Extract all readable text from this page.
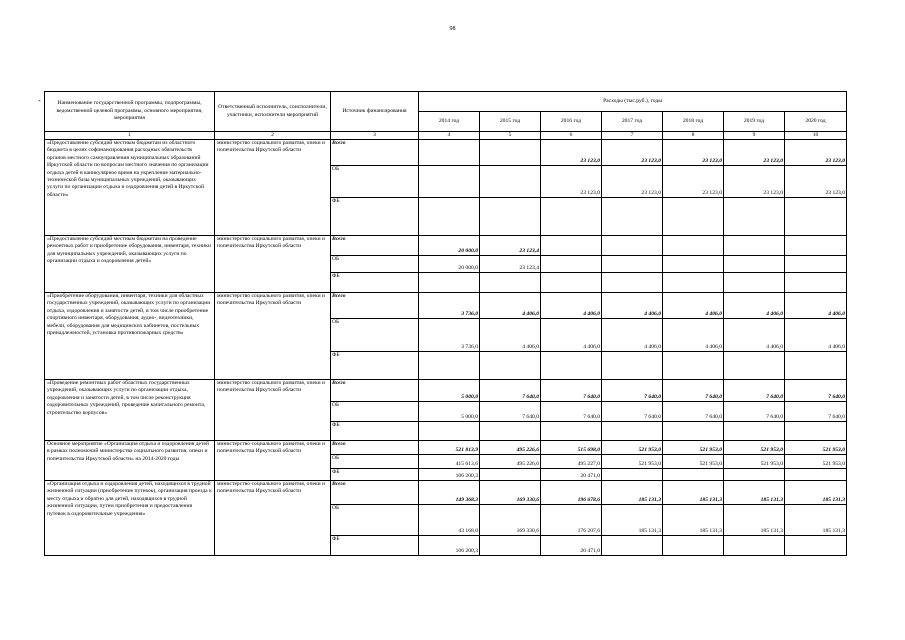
98
-	Наименование государственной программы, подпрограммы, ведомственной целевой программы, основного мероприятия, мероприятия	Ответственный исполнитель, соисполнители, участники, исполнители мероприятий	Источник финансирования	Расходы (тыс.руб.), годы						
			2014 год	2015 год	2016 год	2017 год	2018 год	2019 год	2020 год
1	2	3	4	5	6	7	8	9	10
«Предоставление субсидий местным бюджетам из областного бюджета в целях софинансирования расходных обязательств органов местного самоуправления муниципальных образований Иркутской области по вопросам местного значения по организации отдыха детей в каникулярное время на укрепление материально-технической базы муниципальных учреждений, оказывающих услуги по организации отдыха и оздоровления детей в Иркутской области»	министерство социального развития, опеки и попечительства Иркутской области	Всего			23 123,0	23 123,0	23 123,0	23 123,0	23 123,0
		ОБ			23 123,0	23 123,0	23 123,0	23 123,0	23 123,0
		ФБ							
«Предоставление субсидий местным бюджетам на проведение ремонтных работ и приобретение оборудования, инвентаря, техники для муниципальных учреждений, оказывающих услуги по организации отдыха и оздоровления детей»	министерство социального развития, опеки и попечительства Иркутской области	Всего	20 000,0	23 123,4					
		ОБ	20 000,0	23 123,4					
		ФБ							
«Приобретение оборудования, инвентаря, техники для областных государственных учреждений, оказывающих услуги по организации отдыха, оздоровления и занятости детей, в том числе приобретение спортивного инвентаря, оборудования, аудио-, видеотехники, мебели, оборудования для медицинских кабинетов, постельных принадлежностей, установка противопожарных средств»	министерство социального развития, опеки и попечительства Иркутской области	Всего	3 736,0	4 406,0	4 406,0	4 406,0	4 406,0	4 406,0	4 406,0
		ОБ	3 736,0	4 406,0	4 406,0	4 406,0	4 406,0	4 406,0	4 406,0
		ФБ							
«Проведение ремонтных работ областных государственных учреждений, оказывающих услуги по организации отдыха, оздоровления и занятости детей, в том числе реконструкция оздоровительных учреждений, проведение капитального ремонта, строительство корпусов»	министерство социального развития, опеки и попечительства Иркутской области	Всего	5 000,0	7 640,0	7 640,0	7 640,0	7 640,0	7 640,0	7 640,0
		ОБ	5 000,0	7 640,0	7 640,0	7 640,0	7 640,0	7 640,0	7 640,0
		ФБ							
Основное мероприятие «Организация отдыха и оздоровления детей в рамках полномочий министерства социального развития, опеки и попечительства Иркутской области» на 2014-2020 годы	министерство социального развития, опеки и попечительства Иркутской области	Всего	521 813,9	495 226,6	515 698,0	521 953,0	521 953,0	521 953,0	521 953,0
		ОБ	415 613,6	495 226,6	495 227,0	521 953,0	521 953,0	521 953,0	521 953,0
		ФБ	106 200,3		20 471,0				
«Организация отдыха и оздоровления детей, находящихся в трудной жизненной ситуации (приобретение путевок), организация проезда к месту отдыха и обратно для детей, находящихся в трудной жизненной ситуации, путем приобретения и предоставления путевок в оздоровительные учреждения»	министерство социального развития, опеки и попечительства Иркутской области	Всего	149 368,3	169 330,6	196 678,6	185 131,3	185 131,3	185 131,3	185 131,3
		ОБ	43 168,0	169 330,6	176 207,6	185 131,3	185 131,3	185 131,3	185 131,3
		ФБ	106 200,3		20 471,0				
